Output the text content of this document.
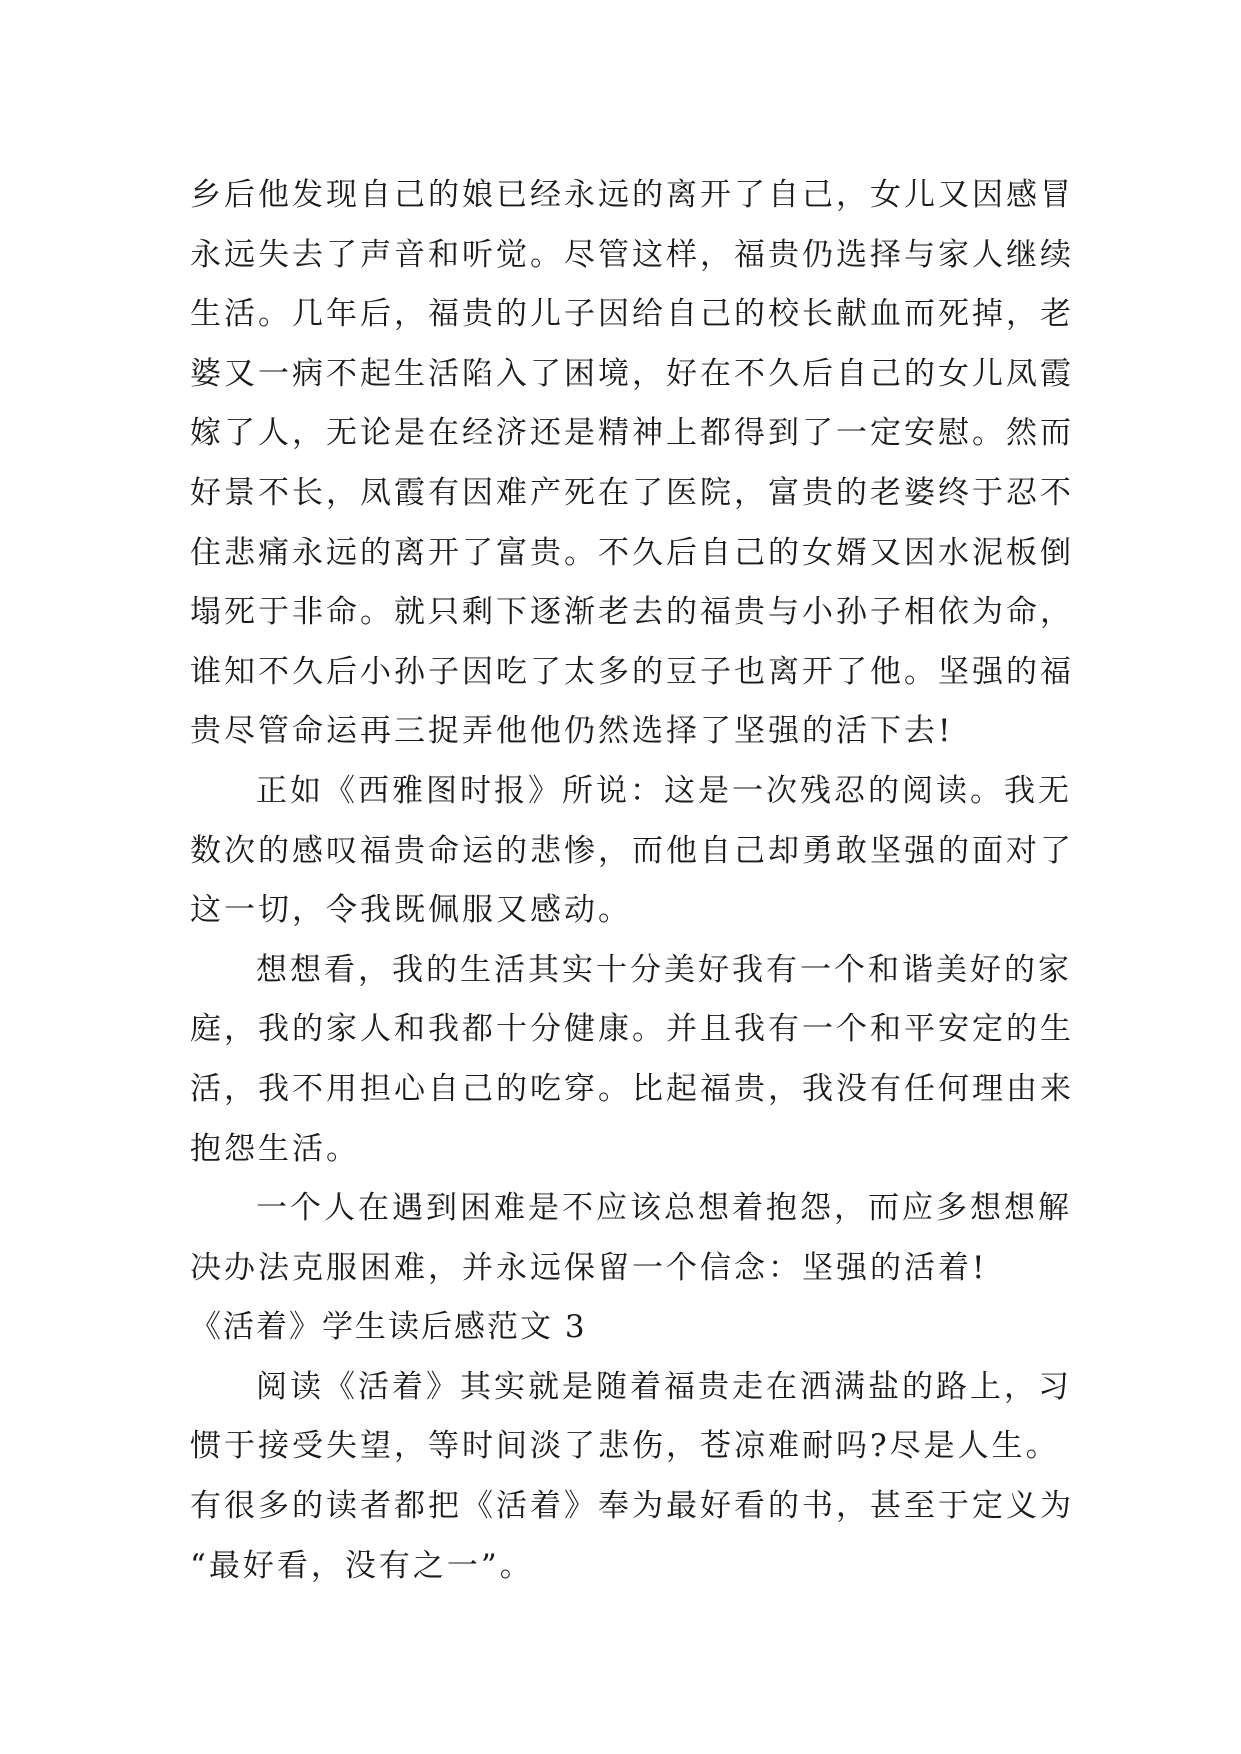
乡后他发现自己的娘已经永远的离开了自己，女儿又因感冒
永远失去了声音和听觉。尽管这样，福贵仍选择与家人继续
生活。几年后，福贵的儿子因给自己的校长献血而死掉，老
婆又一病不起生活陷入了困境，好在不久后自己的女儿凤霞
嫁了人，无论是在经济还是精神上都得到了一定安慰。然而
好景不长，凤霞有因难产死在了医院，富贵的老婆终于忍不
住悲痛永远的离开了富贵。不久后自己的女婿又因水泥板倒
塌死于非命。就只剩下逐渐老去的福贵与小孙子相依为命，
谁知不久后小孙子因吃了太多的豆子也离开了他。坚强的福
贵尽管命运再三捉弄他他仍然选择了坚强的活下去!
正如《西雅图时报》所说：这是一次残忍的阅读。我无
数次的感叹福贵命运的悲惨，而他自己却勇敢坚强的面对了
这一切，令我既佩服又感动。
想想看，我的生活其实十分美好我有一个和谐美好的家
庭，我的家人和我都十分健康。并且我有一个和平安定的生
活，我不用担心自己的吃穿。比起福贵，我没有任何理由来
抱怨生活。
一个人在遇到困难是不应该总想着抱怨，而应多想想解
决办法克服困难，并永远保留一个信念：坚强的活着!
《活着》学生读后感范文 3
阅读《活着》其实就是随着福贵走在洒满盐的路上，习
惯于接受失望，等时间淡了悲伤，苍凉难耐吗?尽是人生。
有很多的读者都把《活着》奉为最好看的书，甚至于定义为
“最好看，没有之一”。
